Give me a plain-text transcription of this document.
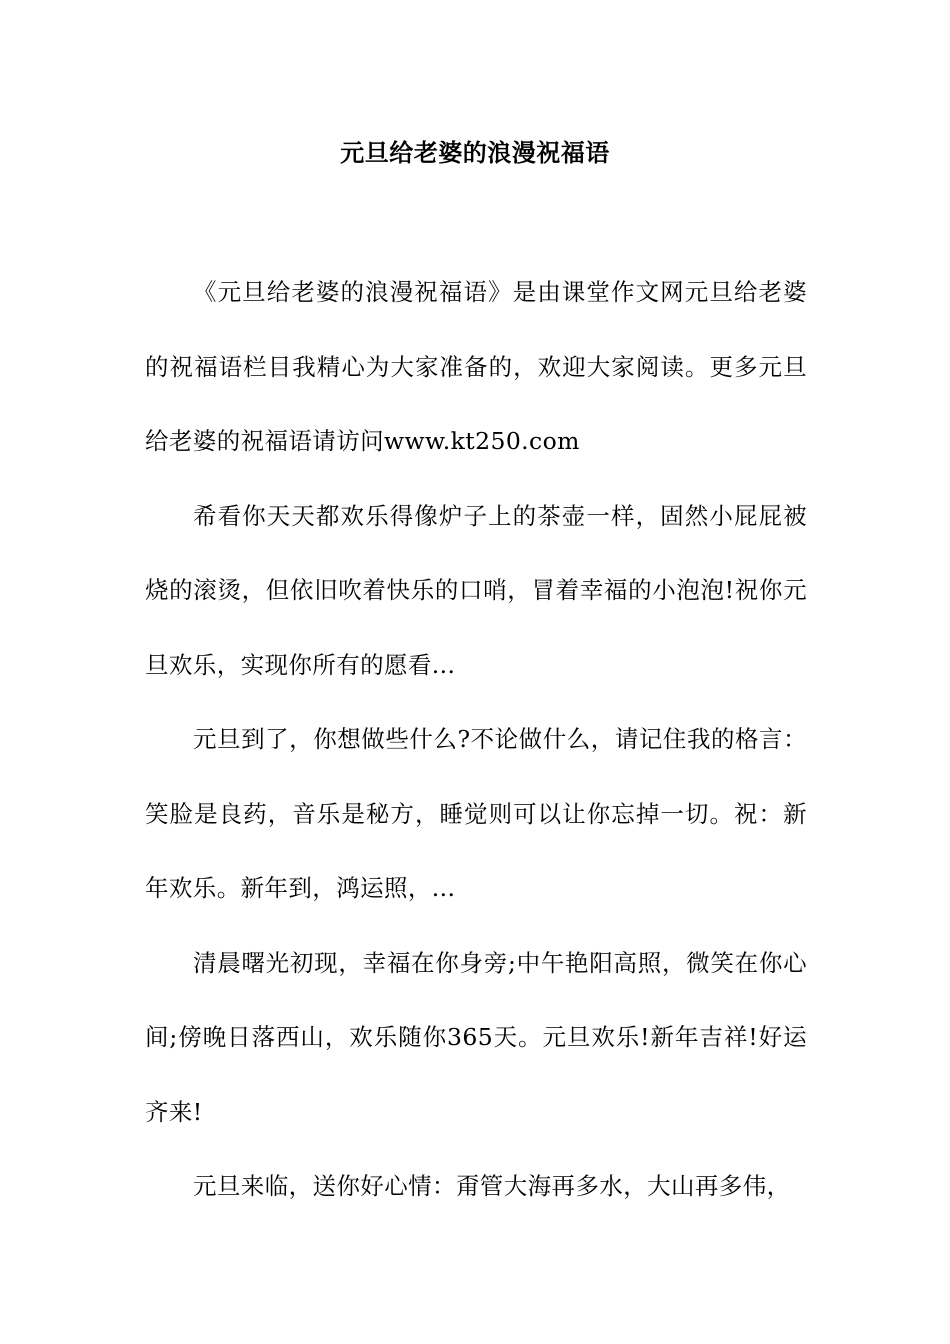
元旦给老婆的浪漫祝福语

《元旦给老婆的浪漫祝福语》是由课堂作文网元旦给老婆的祝福语栏目我精心为大家准备的，欢迎大家阅读。更多元旦给老婆的祝福语请访问www.kt250.com

希看你天天都欢乐得像炉子上的茶壶一样，固然小屁屁被烧的滚烫，但依旧吹着快乐的口哨，冒着幸福的小泡泡!祝你元旦欢乐，实现你所有的愿看...

元旦到了，你想做些什么?不论做什么，请记住我的格言：笑脸是良药，音乐是秘方，睡觉则可以让你忘掉一切。祝：新年欢乐。新年到，鸿运照，...

清晨曙光初现，幸福在你身旁;中午艳阳高照，微笑在你心间;傍晚日落西山，欢乐随你365天。元旦欢乐!新年吉祥!好运齐来!

元旦来临，送你好心情：甭管大海再多水，大山再多伟，
